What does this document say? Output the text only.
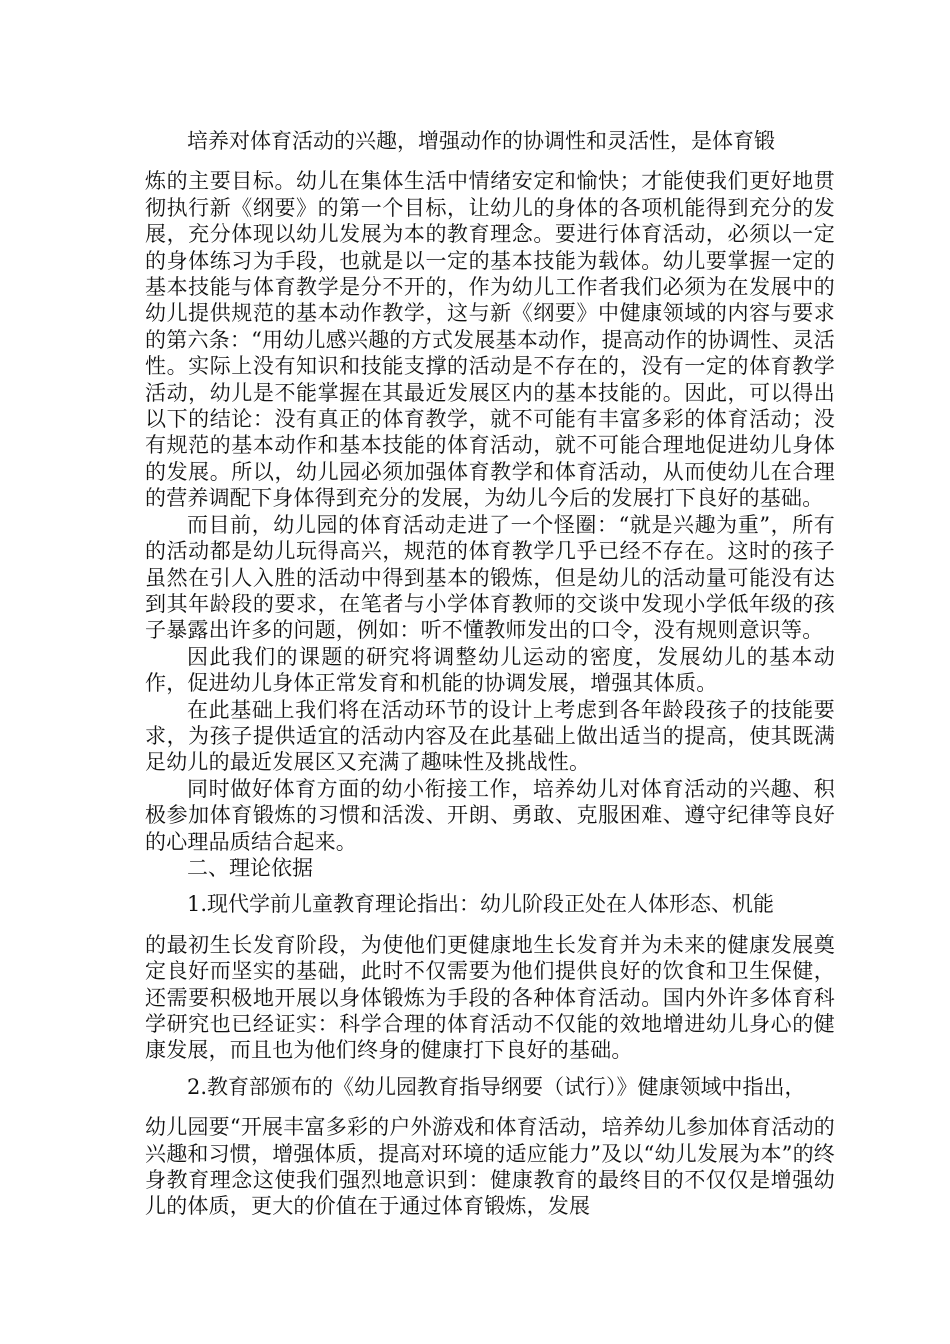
培养对体育活动的兴趣，增强动作的协调性和灵活性，是体育锻

炼的主要目标。幼儿在集体生活中情绪安定和愉快；才能使我们更好地贯彻执行新《纲要》的第一个目标，让幼儿的身体的各项机能得到充分的发展，充分体现以幼儿发展为本的教育理念。要进行体育活动，必须以一定的身体练习为手段，也就是以一定的基本技能为载体。幼儿要掌握一定的基本技能与体育教学是分不开的，作为幼儿工作者我们必须为在发展中的幼儿提供规范的基本动作教学，这与新《纲要》中健康领域的内容与要求的第六条：“用幼儿感兴趣的方式发展基本动作，提高动作的协调性、灵活性。实际上没有知识和技能支撑的活动是不存在的，没有一定的体育教学活动，幼儿是不能掌握在其最近发展区内的基本技能的。因此，可以得出以下的结论：没有真正的体育教学，就不可能有丰富多彩的体育活动；没有规范的基本动作和基本技能的体育活动，就不可能合理地促进幼儿身体的发展。所以，幼儿园必须加强体育教学和体育活动，从而使幼儿在合理的营养调配下身体得到充分的发展，为幼儿今后的发展打下良好的基础。

而目前，幼儿园的体育活动走进了一个怪圈：“就是兴趣为重”，所有的活动都是幼儿玩得高兴，规范的体育教学几乎已经不存在。这时的孩子虽然在引人入胜的活动中得到基本的锻炼，但是幼儿的活动量可能没有达到其年龄段的要求，在笔者与小学体育教师的交谈中发现小学低年级的孩子暴露出许多的问题，例如：听不懂教师发出的口令，没有规则意识等。

因此我们的课题的研究将调整幼儿运动的密度，发展幼儿的基本动作，促进幼儿身体正常发育和机能的协调发展，增强其体质。

在此基础上我们将在活动环节的设计上考虑到各年龄段孩子的技能要求，为孩子提供适宜的活动内容及在此基础上做出适当的提高，使其既满足幼儿的最近发展区又充满了趣味性及挑战性。

同时做好体育方面的幼小衔接工作，培养幼儿对体育活动的兴趣、积极参加体育锻炼的习惯和活泼、开朗、勇敢、克服困难、遵守纪律等良好的心理品质结合起来。

二、理论依据

1.现代学前儿童教育理论指出：幼儿阶段正处在人体形态、机能

的最初生长发育阶段，为使他们更健康地生长发育并为未来的健康发展奠定良好而坚实的基础，此时不仅需要为他们提供良好的饮食和卫生保健，还需要积极地开展以身体锻炼为手段的各种体育活动。国内外许多体育科学研究也已经证实：科学合理的体育活动不仅能的效地增进幼儿身心的健康发展，而且也为他们终身的健康打下良好的基础。

2.教育部颁布的《幼儿园教育指导纲要（试行）》健康领域中指出，

幼儿园要“开展丰富多彩的户外游戏和体育活动，培养幼儿参加体育活动的兴趣和习惯，增强体质，提高对环境的适应能力”及以“幼儿发展为本”的终身教育理念这使我们强烈地意识到：健康教育的最终目的不仅仅是增强幼儿的体质，更大的价值在于通过体育锻炼，发展
